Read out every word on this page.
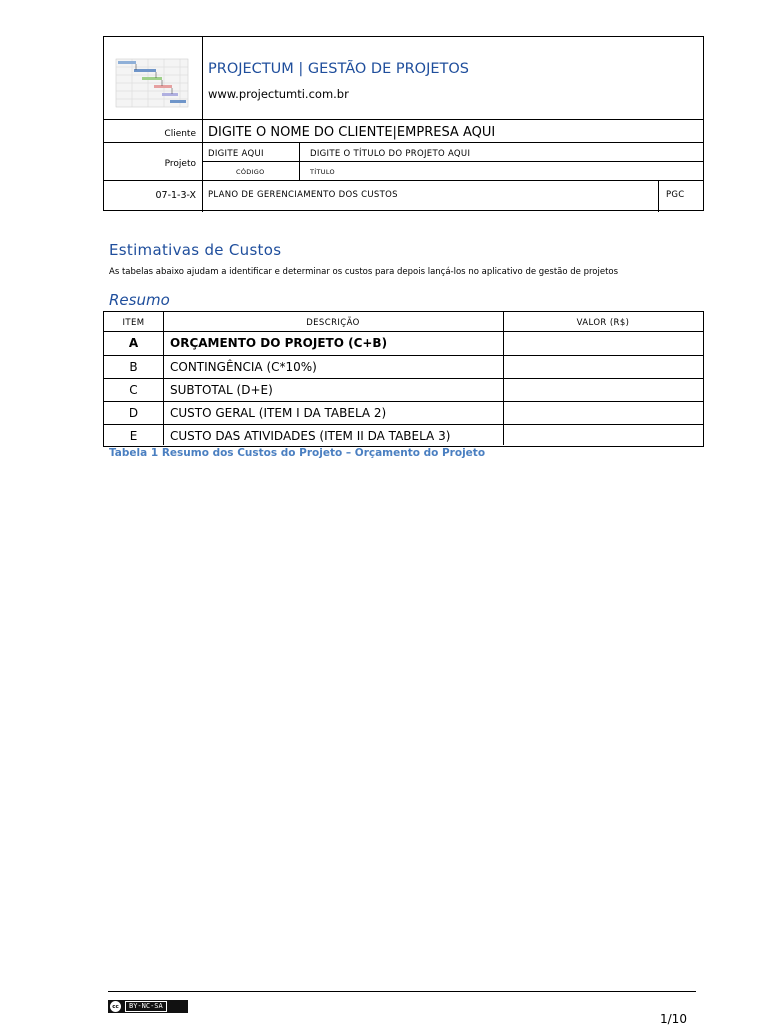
PROJECTUM | GESTÃO DE PROJETOS
www.projectumti.com.br
Cliente DIGITE O NOME DO CLIENTE|EMPRESA AQUI
Projeto
DIGITE AQUI	DIGITE O TÍTULO DO PROJETO AQUI
CÓDIGO	TÍTULO
07-1-3-X PLANO DE GERENCIAMENTO DOS CUSTOS	PGC
Estimativas de Custos
As tabelas abaixo ajudam a identificar e determinar os custos para depois lançá-los no aplicativo de gestão de projetos
Resumo
ITEM	DESCRIÇÃO	VALOR (R$)
A	ORÇAMENTO DO PROJETO (C+B)
B	CONTINGÊNCIA (C*10%)
C	SUBTOTAL (D+E)
D	CUSTO GERAL (ITEM I DA TABELA 2)
E	CUSTO DAS ATIVIDADES (ITEM II DA TABELA 3)
Tabela 1 Resumo dos Custos do Projeto – Orçamento do Projeto
cc	BY-NC-SA
1/10
